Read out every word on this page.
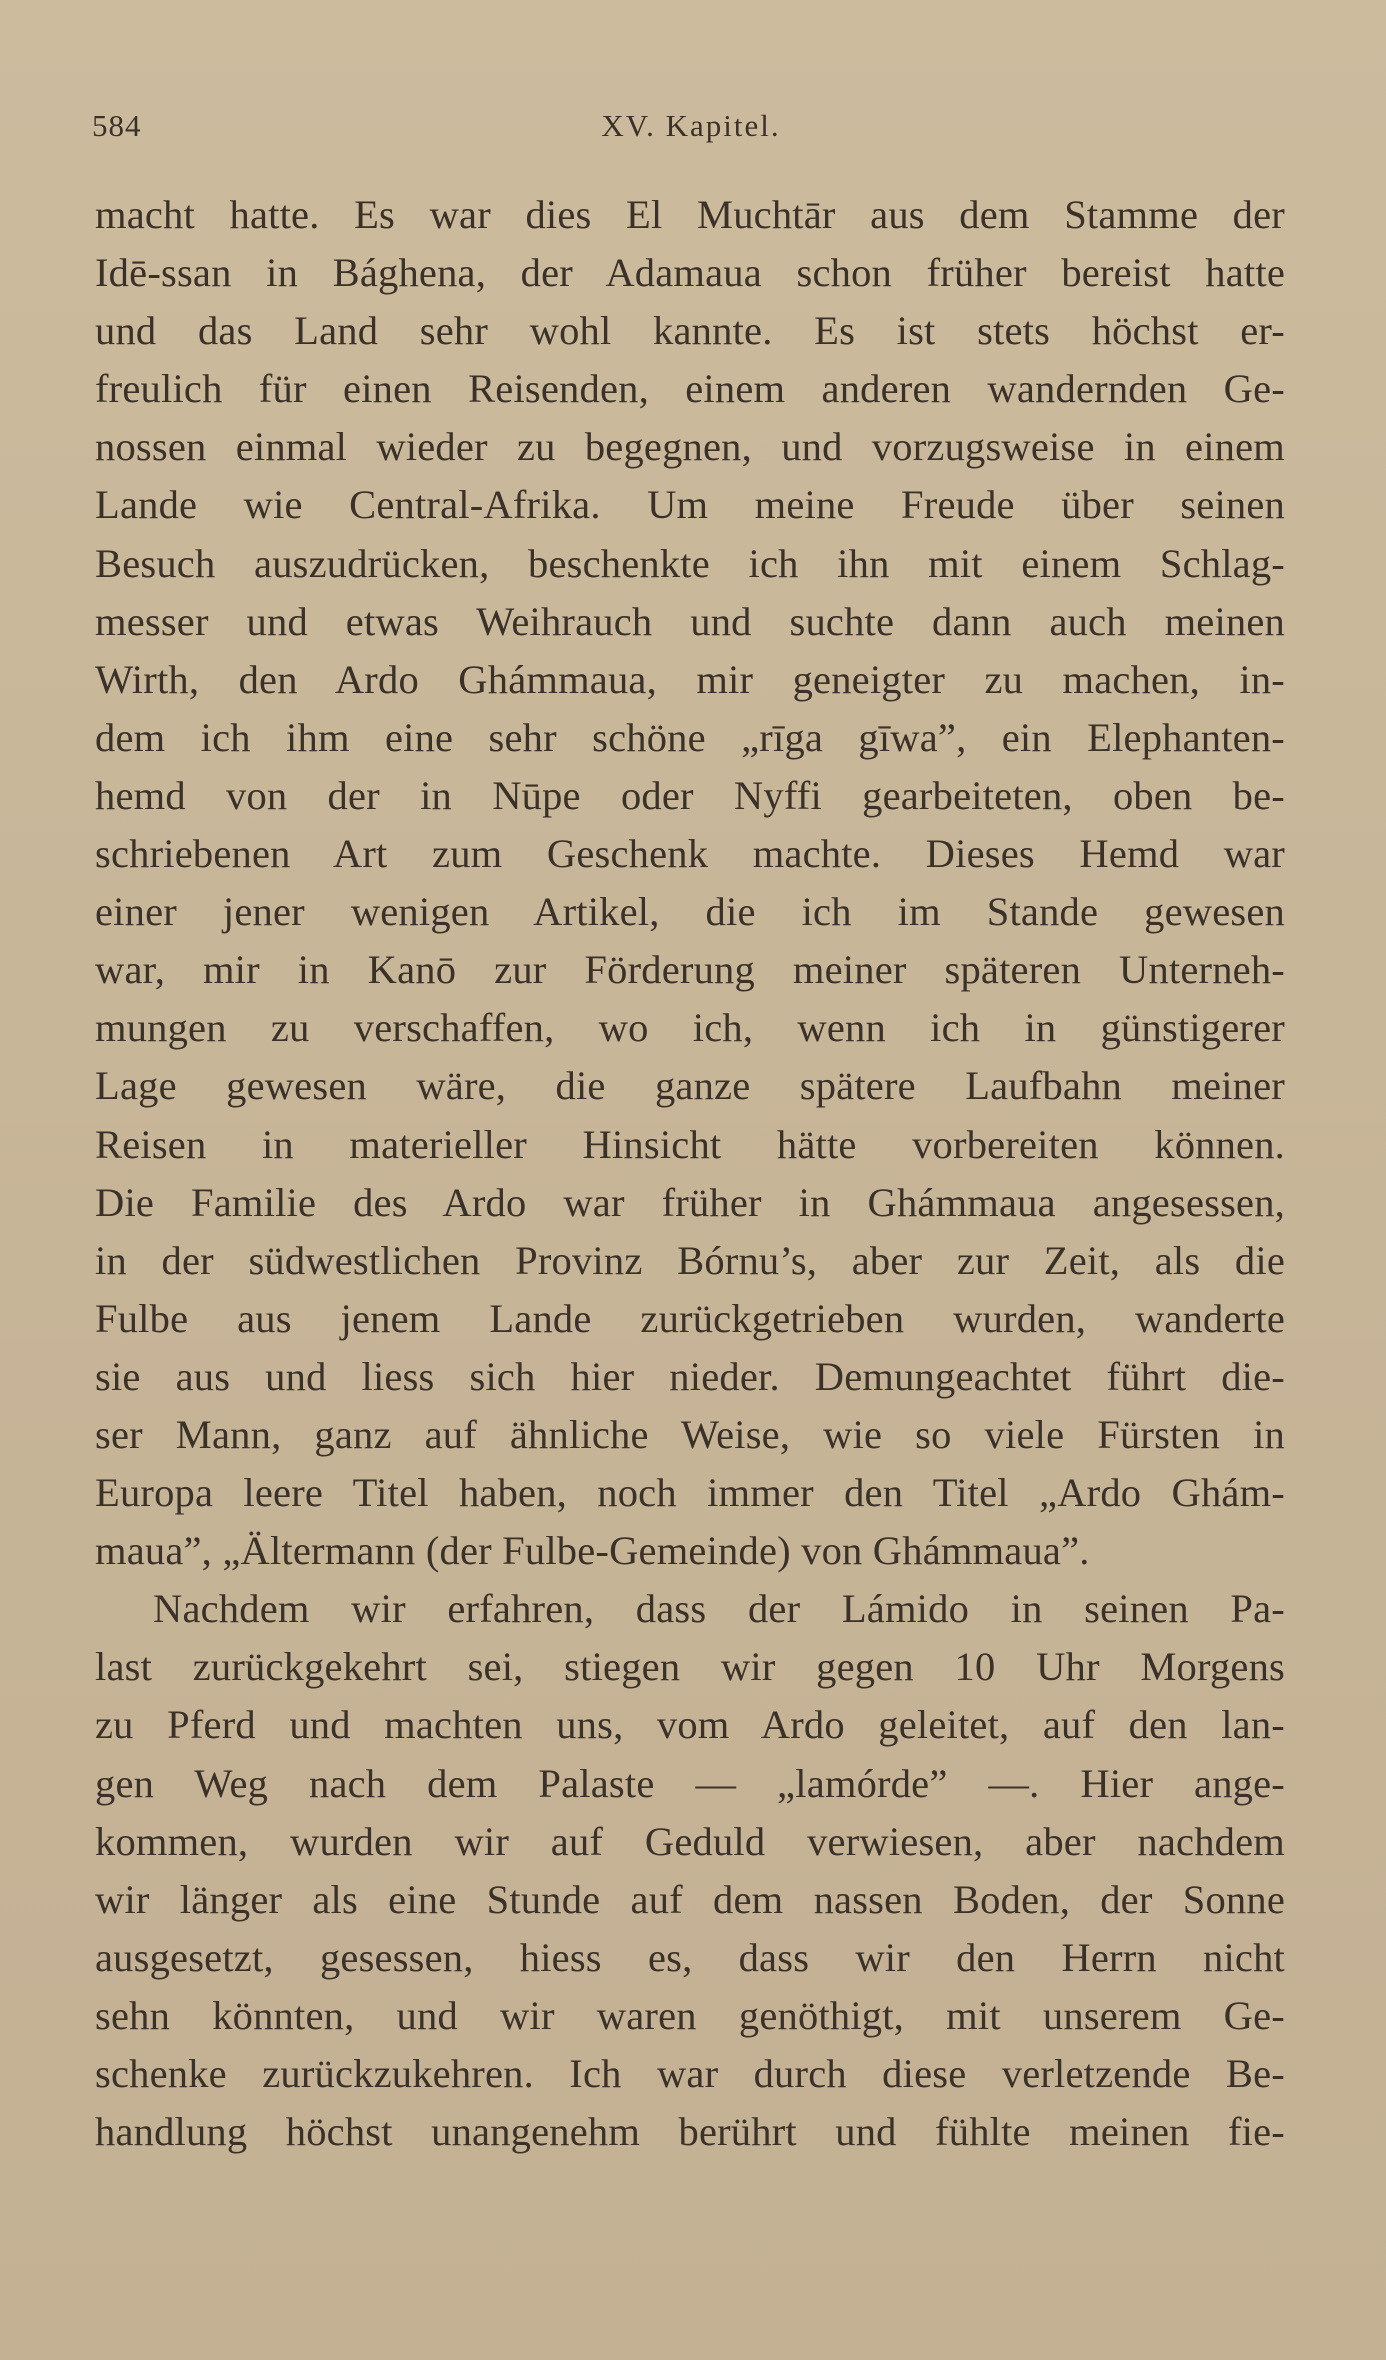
584	XV. Kapitel.
macht hatte. Es war dies El Muchtār aus dem Stamme der
Idē-ssan in Bághena, der Adamaua schon früher bereist hatte
und das Land sehr wohl kannte. Es ist stets höchst er-
freulich für einen Reisenden, einem anderen wandernden Ge-
nossen einmal wieder zu begegnen, und vorzugsweise in einem
Lande wie Central-Afrika. Um meine Freude über seinen
Besuch auszudrücken, beschenkte ich ihn mit einem Schlag-
messer und etwas Weihrauch und suchte dann auch meinen
Wirth, den Ardo Ghámmaua, mir geneigter zu machen, in-
dem ich ihm eine sehr schöne „rīga gīwa”, ein Elephanten-
hemd von der in Nūpe oder Nyffi gearbeiteten, oben be-
schriebenen Art zum Geschenk machte. Dieses Hemd war
einer jener wenigen Artikel, die ich im Stande gewesen
war, mir in Kanō zur Förderung meiner späteren Unterneh-
mungen zu verschaffen, wo ich, wenn ich in günstigerer
Lage gewesen wäre, die ganze spätere Laufbahn meiner
Reisen in materieller Hinsicht hätte vorbereiten können.
Die Familie des Ardo war früher in Ghámmaua angesessen,
in der südwestlichen Provinz Bórnu’s, aber zur Zeit, als die
Fulbe aus jenem Lande zurückgetrieben wurden, wanderte
sie aus und liess sich hier nieder. Demungeachtet führt die-
ser Mann, ganz auf ähnliche Weise, wie so viele Fürsten in
Europa leere Titel haben, noch immer den Titel „Ardo Ghám-
maua”, „Ältermann (der Fulbe-Gemeinde) von Ghámmaua”.
Nachdem wir erfahren, dass der Lámido in seinen Pa-
last zurückgekehrt sei, stiegen wir gegen 10 Uhr Morgens
zu Pferd und machten uns, vom Ardo geleitet, auf den lan-
gen Weg nach dem Palaste — „lamórde” —. Hier ange-
kommen, wurden wir auf Geduld verwiesen, aber nachdem
wir länger als eine Stunde auf dem nassen Boden, der Sonne
ausgesetzt, gesessen, hiess es, dass wir den Herrn nicht
sehn könnten, und wir waren genöthigt, mit unserem Ge-
schenke zurückzukehren. Ich war durch diese verletzende Be-
handlung höchst unangenehm berührt und fühlte meinen fie-
